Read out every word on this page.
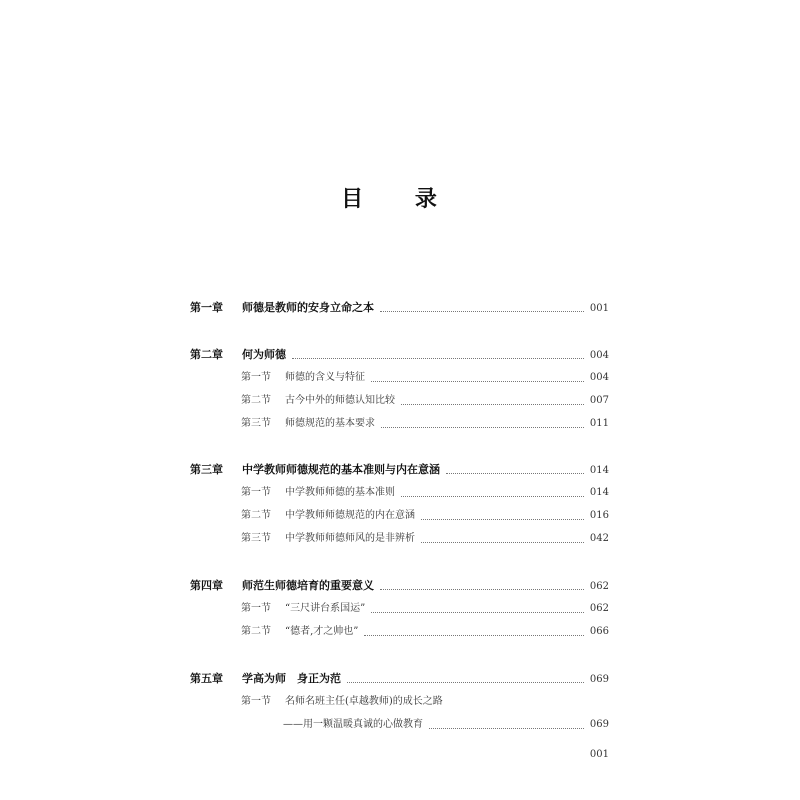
目 录
第一章	师德是教师的安身立命之本	001
第二章	何为师德	004
第一节	师德的含义与特征	004
第二节	古今中外的师德认知比较	007
第三节	师德规范的基本要求	011
第三章	中学教师师德规范的基本准则与内在意涵	014
第一节	中学教师师德的基本准则	014
第二节	中学教师师德规范的内在意涵	016
第三节	中学教师师德师风的是非辨析	042
第四章	师范生师德培育的重要意义	062
第一节	“三尺讲台系国运”	062
第二节	“德者,才之帅也”	066
第五章	学高为师　身正为范	069
第一节	名师名班主任(卓越教师)的成长之路
——用一颗温暖真诚的心做教育	069
001
